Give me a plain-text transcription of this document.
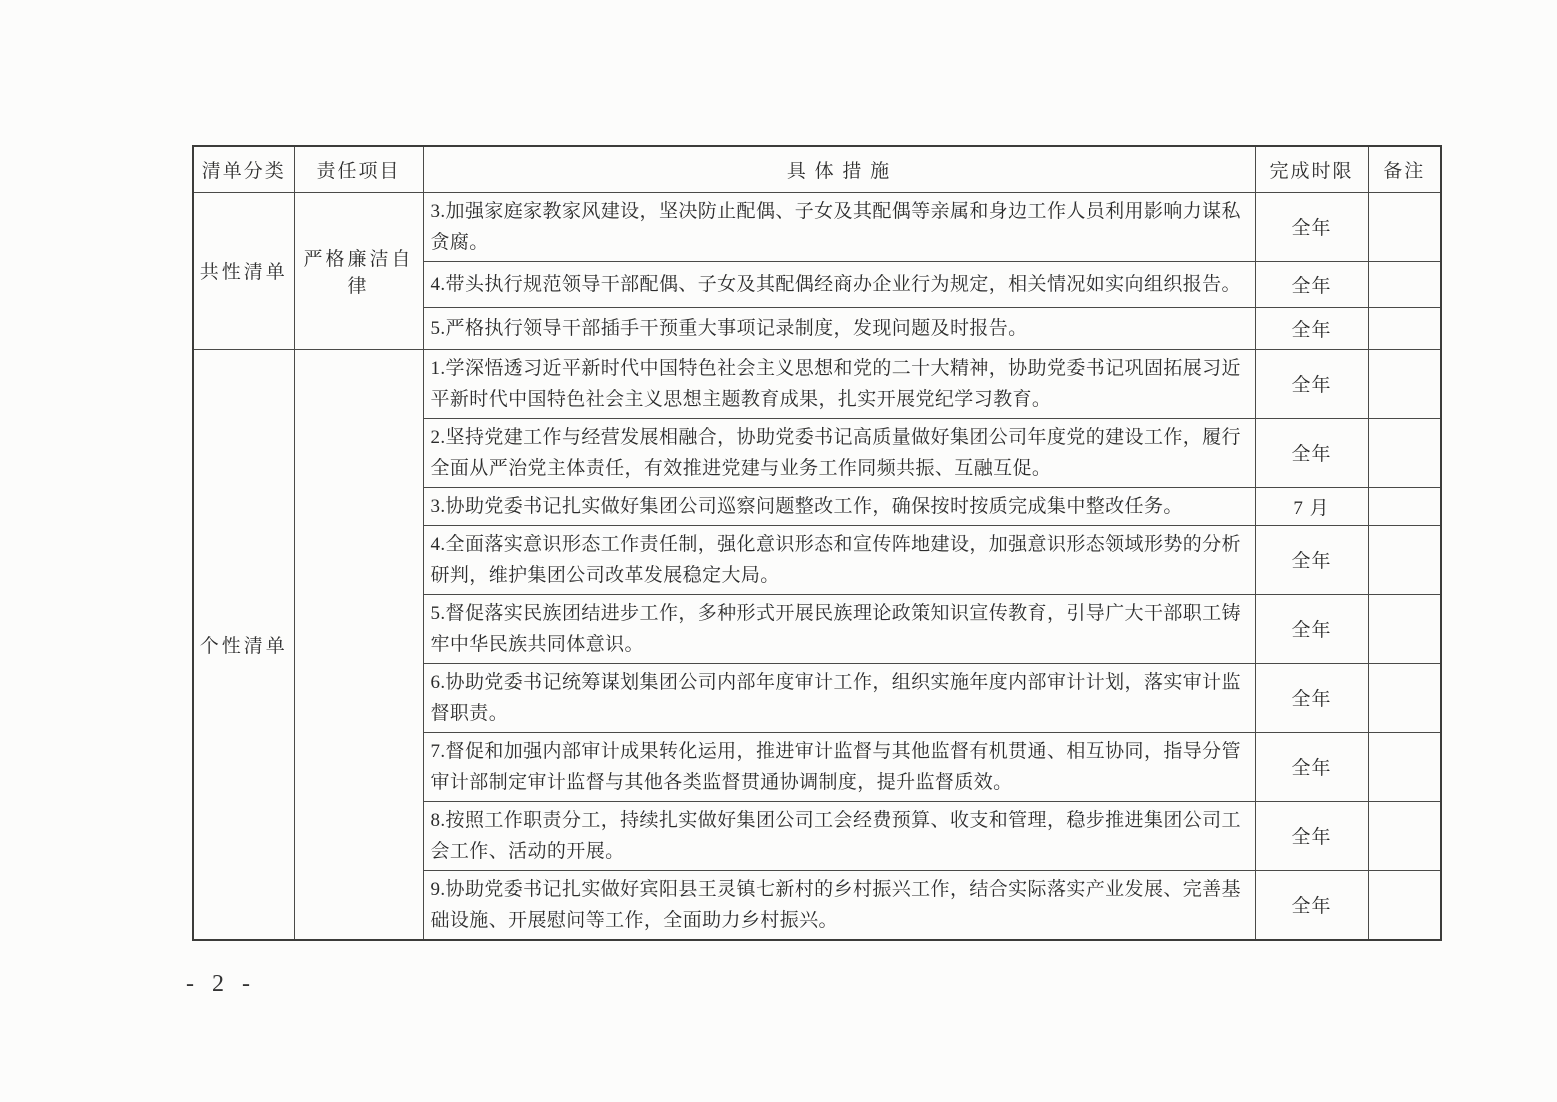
清单分类	责任项目	具 体 措 施	完成时限	备注
共性清单	严格廉洁自律	3.加强家庭家教家风建设，坚决防止配偶、子女及其配偶等亲属和身边工作人员利用影响力谋私贪腐。	全年	
		4.带头执行规范领导干部配偶、子女及其配偶经商办企业行为规定，相关情况如实向组织报告。	全年	
		5.严格执行领导干部插手干预重大事项记录制度，发现问题及时报告。	全年	
个性清单		1.学深悟透习近平新时代中国特色社会主义思想和党的二十大精神，协助党委书记巩固拓展习近平新时代中国特色社会主义思想主题教育成果，扎实开展党纪学习教育。	全年	
		2.坚持党建工作与经营发展相融合，协助党委书记高质量做好集团公司年度党的建设工作，履行全面从严治党主体责任，有效推进党建与业务工作同频共振、互融互促。	全年	
		3.协助党委书记扎实做好集团公司巡察问题整改工作，确保按时按质完成集中整改任务。	7 月	
		4.全面落实意识形态工作责任制，强化意识形态和宣传阵地建设，加强意识形态领域形势的分析研判，维护集团公司改革发展稳定大局。	全年	
		5.督促落实民族团结进步工作，多种形式开展民族理论政策知识宣传教育，引导广大干部职工铸牢中华民族共同体意识。	全年	
		6.协助党委书记统筹谋划集团公司内部年度审计工作，组织实施年度内部审计计划，落实审计监督职责。	全年	
		7.督促和加强内部审计成果转化运用，推进审计监督与其他监督有机贯通、相互协同，指导分管审计部制定审计监督与其他各类监督贯通协调制度，提升监督质效。	全年	
		8.按照工作职责分工，持续扎实做好集团公司工会经费预算、收支和管理，稳步推进集团公司工会工作、活动的开展。	全年	
		9.协助党委书记扎实做好宾阳县王灵镇七新村的乡村振兴工作，结合实际落实产业发展、完善基础设施、开展慰问等工作，全面助力乡村振兴。	全年	
- 2 -
